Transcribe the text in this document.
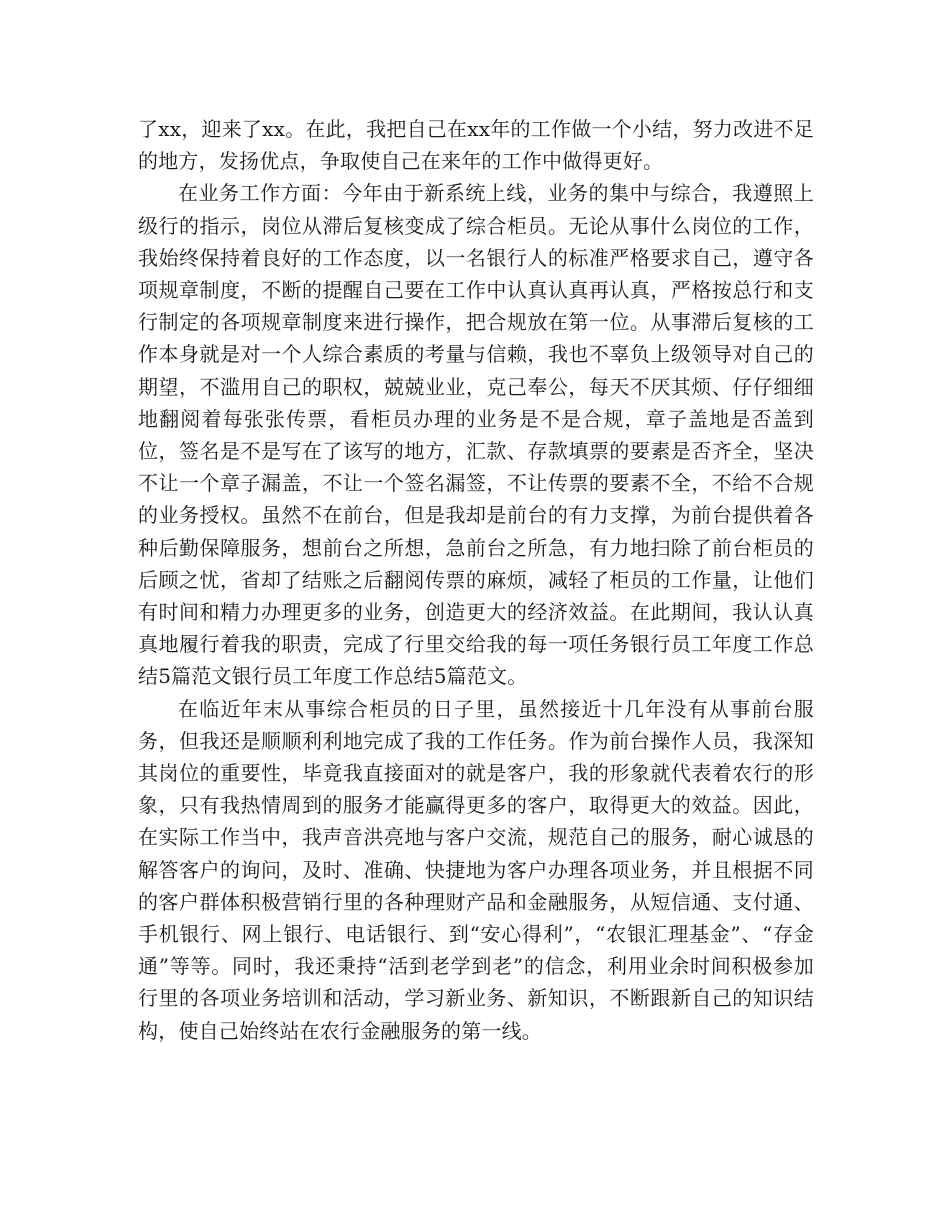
了xx，迎来了xx。在此，我把自己在xx年的工作做一个小结，努力改进不足的地方，发扬优点，争取使自己在来年的工作中做得更好。

在业务工作方面：今年由于新系统上线，业务的集中与综合，我遵照上级行的指示，岗位从滞后复核变成了综合柜员。无论从事什么岗位的工作，我始终保持着良好的工作态度，以一名银行人的标准严格要求自己，遵守各项规章制度，不断的提醒自己要在工作中认真认真再认真，严格按总行和支行制定的各项规章制度来进行操作，把合规放在第一位。从事滞后复核的工作本身就是对一个人综合素质的考量与信赖，我也不辜负上级领导对自己的期望，不滥用自己的职权，兢兢业业，克己奉公，每天不厌其烦、仔仔细细地翻阅着每张张传票，看柜员办理的业务是不是合规，章子盖地是否盖到位，签名是不是写在了该写的地方，汇款、存款填票的要素是否齐全，坚决不让一个章子漏盖，不让一个签名漏签，不让传票的要素不全，不给不合规的业务授权。虽然不在前台，但是我却是前台的有力支撑，为前台提供着各种后勤保障服务，想前台之所想，急前台之所急，有力地扫除了前台柜员的后顾之忧，省却了结账之后翻阅传票的麻烦，减轻了柜员的工作量，让他们有时间和精力办理更多的业务，创造更大的经济效益。在此期间，我认认真真地履行着我的职责，完成了行里交给我的每一项任务银行员工年度工作总结5篇范文银行员工年度工作总结5篇范文。

在临近年末从事综合柜员的日子里，虽然接近十几年没有从事前台服务，但我还是顺顺利利地完成了我的工作任务。作为前台操作人员，我深知其岗位的重要性，毕竟我直接面对的就是客户，我的形象就代表着农行的形象，只有我热情周到的服务才能赢得更多的客户，取得更大的效益。因此，在实际工作当中，我声音洪亮地与客户交流，规范自己的服务，耐心诚恳的解答客户的询问，及时、准确、快捷地为客户办理各项业务，并且根据不同的客户群体积极营销行里的各种理财产品和金融服务，从短信通、支付通、手机银行、网上银行、电话银行、到“安心得利”，“农银汇理基金”、“存金通”等等。同时，我还秉持“活到老学到老”的信念，利用业余时间积极参加行里的各项业务培训和活动，学习新业务、新知识，不断跟新自己的知识结构，使自己始终站在农行金融服务的第一线。
